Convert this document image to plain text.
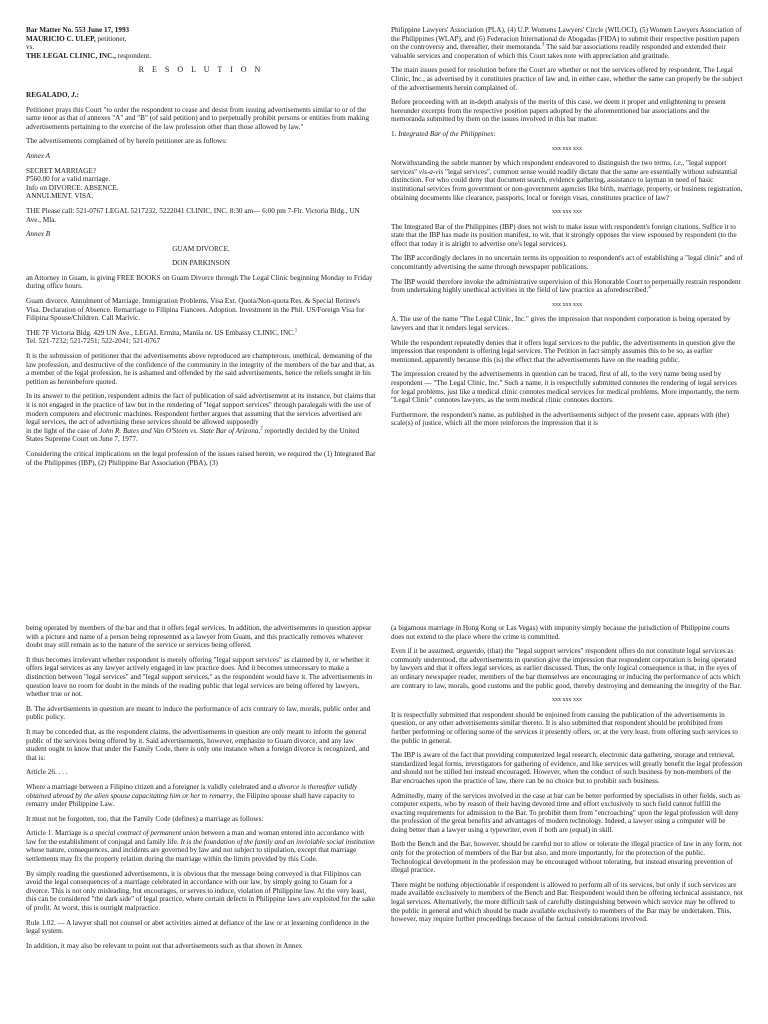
Bar Matter No. 553 June 17, 1993

MAURICIO C. ULEP, petitioner,

vs.

THE LEGAL CLINIC, INC., respondent.

R E S O L U T I O N

REGALADO, J.:

Petitioner prays this Court "to order the respondent to cease and desist from issuing advertisements similar to or of the same tenor as that of annexes "A" and "B" (of said petition) and to perpetually prohibit persons or entities from making advertisements pertaining to the exercise of the law profession other than those allowed by law."

The advertisements complained of by herein petitioner are as follows:

Annex A

SECRET MARRIAGE?

P560.00 for a valid marriage.

Info on DIVORCE. ABSENCE.

ANNULMENT. VISA.

THE Please call: 521-0767 LEGAL 5217232, 5222041 CLINIC, INC. 8:30 am— 6:00 pm 7-Flr. Victoria Bldg., UN Ave., Mla.

Annex B

GUAM DIVORCE.

DON PARKINSON

an Attorney in Guam, is giving FREE BOOKS on Guam Divorce through The Legal Clinic beginning Monday to Friday during office hours.

Guam divorce. Annulment of Marriage. Immigration Problems, Visa Ext. Quota/Non-quota Res. & Special Retiree's Visa. Declaration of Absence. Remarriage to Filipina Fiancees. Adoption. Investment in the Phil. US/Foreign Visa for Filipina Spouse/Children. Call Marivic.

THE 7F Victoria Bldg. 429 UN Ave., LEGAL Ermita, Manila nr. US Embassy CLINIC, INC.$^1$
Tel. 521-7232; 521-7251; 522-2041; 521-0767

It is the submission of petitioner that the advertisements above reproduced are champterous, unethical, demeaning of the law profession, and destructive of the confidence of the community in the integrity of the members of the bar and that, as a member of the legal profession, he is ashamed and offended by the said advertisements, hence the reliefs sought in his petition as hereinbefore quoted.

In its answer to the petition, respondent admits the fact of publication of said advertisement at its instance, but claims that it is not engaged in the practice of law but in the rendering of "legal support services" through paralegals with the use of modern computers and electronic machines. Respondent further argues that assuming that the services advertised are legal services, the act of advertising these services should be allowed supposedly
in the light of the case of John R. Bates and Van O'Steen vs. State Bar of Arizona,$^2$ reportedly decided by the United States Supreme Court on June 7, 1977.

Considering the critical implications on the legal profession of the issues raised herein, we required the (1) Integrated Bar of the Philippines (IBP), (2) Philippine Bar Association (PBA), (3)

Philippine Lawyers' Association (PLA), (4) U.P. Womens Lawyers' Circle (WILOCI), (5) Women Lawyers Association of the Philippines (WLAP), and (6) Federacion International de Abogadas (FIDA) to submit their respective position papers on the controversy and, thereafter, their memoranda.$^3$ The said bar associations readily responded and extended their valuable services and cooperation of which this Court takes note with appreciation and gratitude.

The main issues posed for resolution before the Court are whether or not the services offered by respondent, The Legal Clinic, Inc., as advertised by it constitutes practice of law and, in either case, whether the same can properly be the subject of the advertisements herein complained of.

Before proceeding with an in-depth analysis of the merits of this case, we deem it proper and enlightening to present hereunder excerpts from the respective position papers adopted by the aforementioned bar associations and the memoranda submitted by them on the issues involved in this bar matter.

1. Integrated Bar of the Philippines:

xxx xxx xxx

Notwithstanding the subtle manner by which respondent endeavored to distinguish the two terms, i.e., "legal support services" vis-a-vis "legal services", common sense would readily dictate that the same are essentially without substantial distinction. For who could deny that document search, evidence gathering, assistance to layman in need of basic institutional services from government or non-government agencies like birth, marriage, property, or business registration, obtaining documents like clearance, passports, local or foreign visas, constitutes practice of law?

xxx xxx xxx

The Integrated Bar of the Philippines (IBP) does not wish to make issue with respondent's foreign citations. Suffice it to state that the IBP has made its position manifest, to wit, that it strongly opposes the view espoused by respondent (to the effect that today it is alright to advertise one's legal services).

The IBP accordingly declares in no uncertain terms its opposition to respondent's act of establishing a "legal clinic" and of concomitantly advertising the same through newspaper publications.

The IBP would therefore invoke the administrative supervision of this Honorable Court to perpetually restrain respondent from undertaking highly unethical activities in the field of law practice as aforedescribed.$^4$

xxx xxx xxx

A. The use of the name "The Legal Clinic, Inc." gives the impression that respondent corporation is being operated by lawyers and that it renders legal services.

While the respondent repeatedly denies that it offers legal services to the public, the advertisements in question give the impression that respondent is offering legal services. The Petition in fact simply assumes this to be so, as earlier mentioned, apparently because this (is) the effect that the advertisements have on the reading public.

The impression created by the advertisements in question can be traced, first of all, to the very name being used by respondent — "The Legal Clinic, Inc." Such a name, it is respectfully submitted connotes the rendering of legal services for legal problems, just like a medical clinic connotes medical services for medical problems. More importantly, the term "Legal Clinic" connotes lawyers, as the term medical clinic connotes doctors.

Furthermore, the respondent's name, as published in the advertisements subject of the present case, appears with (the) scale(s) of justice, which all the more reinforces the impression that it is

being operated by members of the bar and that it offers legal services. In addition, the advertisements in question appear with a picture and name of a person being represented as a lawyer from Guam, and this practically removes whatever doubt may still remain as to the nature of the service or services being offered.

It thus becomes irrelevant whether respondent is merely offering "legal support services" as claimed by it, or whether it offers legal services as any lawyer actively engaged in law practice does. And it becomes unnecessary to make a distinction between "legal services" and "legal support services," as the respondent would have it. The advertisements in question leave no room for doubt in the minds of the reading public that legal services are being offered by lawyers, whether true or not.

B. The advertisements in question are meant to induce the performance of acts contrary to law, morals, public order and public policy.

It may be conceded that, as the respondent claims, the advertisements in question are only meant to inform the general public of the services being offered by it. Said advertisements, however, emphasize to Guam divorce, and any law student ought to know that under the Family Code, there is only one instance when a foreign divorce is recognized, and that is:

Article 26. . . .

Where a marriage between a Filipino citizen and a foreigner is validly celebrated and a divorce is thereafter validly obtained abroad by the alien spouse capacitating him or her to remarry, the Filipino spouse shall have capacity to remarry under Philippine Law.

It must not be forgotten, too, that the Family Code (defines) a marriage as follows:

Article 1. Marriage is a special contract of permanent union between a man and woman entered into accordance with law for the establishment of conjugal and family life. It is the foundation of the family and an inviolable social institution whose nature, consequences, and incidents are governed by law and not subject to stipulation, except that marriage settlements may fix the property relation during the marriage within the limits provided by this Code.

By simply reading the questioned advertisements, it is obvious that the message being conveyed is that Filipinos can avoid the legal consequences of a marriage celebrated in accordance with our law, by simply going to Guam for a divorce. This is not only misleading, but encourages, or serves to induce, violation of Philippine law. At the very least, this can be considered "the dark side" of legal practice, where certain defects in Philippine laws are exploited for the sake of profit. At worst, this is outright malpractice.

Rule 1.02. — A lawyer shall not counsel or abet activities aimed at defiance of the law or at lessening confidence in the legal system.

In addition, it may also be relevant to point out that advertisements such as that shown in Annex

(a bigamous marriage in Hong Kong or Las Vegas) with impunity simply because the jurisdiction of Philippine courts does not extend to the place where the crime is committed.

Even if it be assumed, arguendo, (that) the "legal support services" respondent offers do not constitute legal services as commonly understood, the advertisements in question give the impression that respondent corporation is being operated by lawyers and that it offers legal services, as earlier discussed. Thus, the only logical consequence is that, in the eyes of an ordinary newspaper reader, members of the bar themselves are encouraging or inducing the performance of acts which are contrary to law, morals, good customs and the public good, thereby destroying and demeaning the integrity of the Bar.

xxx xxx xxx

It is respectfully submitted that respondent should be enjoined from causing the publication of the advertisements in question, or any other advertisements similar thereto. It is also submitted that respondent should be prohibited from further performing or offering some of the services it presently offers, or, at the very least, from offering such services to the public in general.

The IBP is aware of the fact that providing computerized legal research, electronic data gathering, storage and retrieval, standardized legal forms, investigators for gathering of evidence, and like services will greatly benefit the legal profession and should not be stifled but instead encouraged. However, when the conduct of such business by non-members of the Bar encroaches upon the practice of law, there can be no choice but to prohibit such business.

Admittedly, many of the services involved in the case at bar can be better performed by specialists in other fields, such as computer experts, who by reason of their having devoted time and effort exclusively to such field cannot fulfill the exacting requirements for admission to the Bar. To prohibit them from "encroaching" upon the legal profession will deny the profession of the great benefits and advantages of modern technology. Indeed, a lawyer using a computer will be doing better than a lawyer using a typewriter, even if both are (equal) in skill.

Both the Bench and the Bar, however, should be careful not to allow or tolerate the illegal practice of law in any form, not only for the protection of members of the Bar but also, and more importantly, for the protection of the public. Technological development in the profession may be encouraged without tolerating, but instead ensuring prevention of illegal practice.

There might be nothing objectionable if respondent is allowed to perform all of its services, but only if such services are made available exclusively to members of the Bench and Bar. Respondent would then be offering technical assistance, not legal services. Alternatively, the more difficult task of carefully distinguishing between which service may be offered to the public in general and which should be made available exclusively to members of the Bar may be undertaken. This, however, may require further proceedings because of the factual considerations involved.
